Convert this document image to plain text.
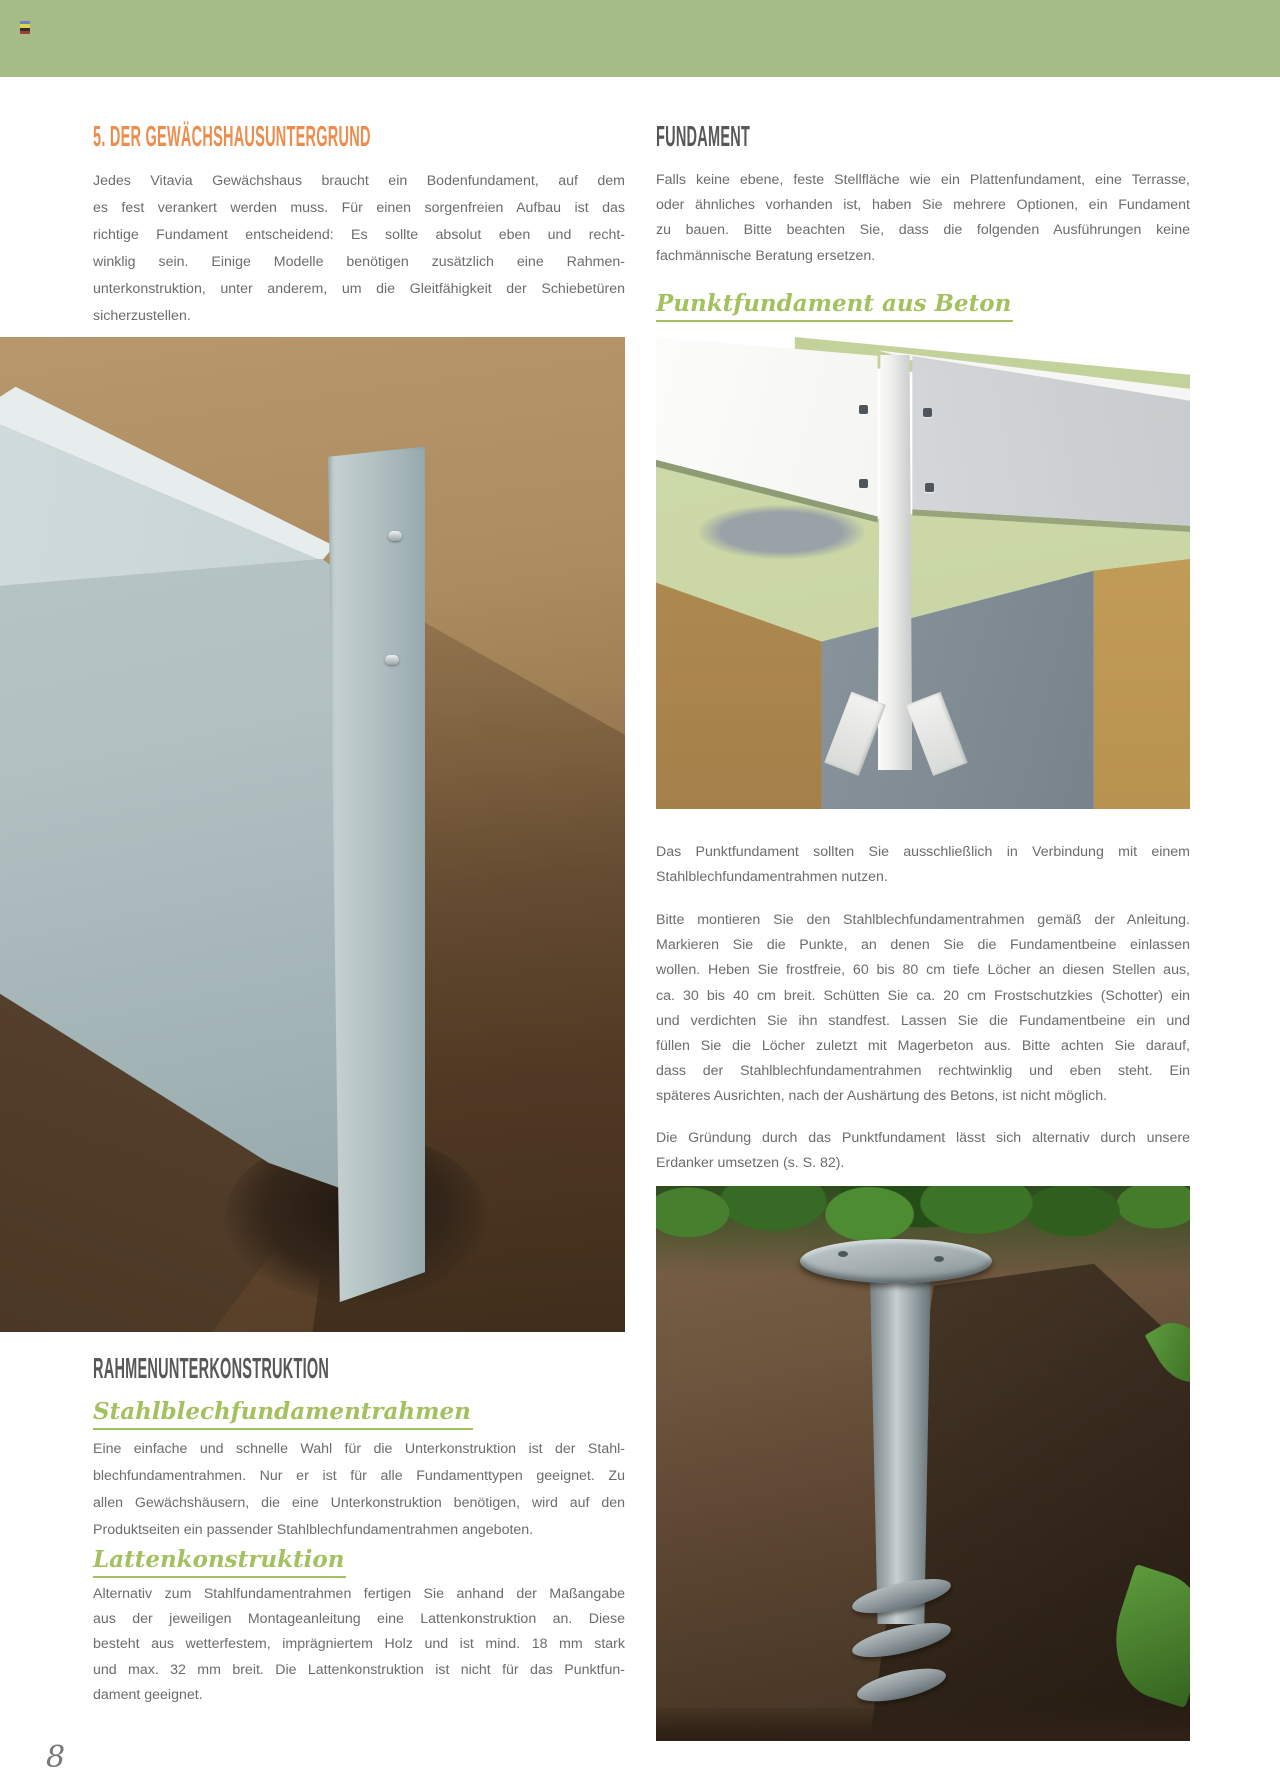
5. DER GEWÄCHSHAUSUNTERGRUND
Jedes Vitavia Gewächshaus braucht ein Bodenfundament, auf dem
es fest verankert werden muss. Für einen sorgenfreien Aufbau ist das
richtige Fundament entscheidend: Es sollte absolut eben und recht-
winklig sein. Einige Modelle benötigen zusätzlich eine Rahmen-
unterkonstruktion, unter anderem, um die Gleitfähigkeit der Schiebetüren
sicherzustellen.
RAHMENUNTERKONSTRUKTION
Stahlblechfundamentrahmen
Eine einfache und schnelle Wahl für die Unterkonstruktion ist der Stahl-
blechfundamentrahmen. Nur er ist für alle Fundamenttypen geeignet. Zu
allen Gewächshäusern, die eine Unterkonstruktion benötigen, wird auf den
Produktseiten ein passender Stahlblechfundamentrahmen angeboten.
Lattenkonstruktion
Alternativ zum Stahlfundamentrahmen fertigen Sie anhand der Maßangabe
aus der jeweiligen Montageanleitung eine Lattenkonstruktion an. Diese
besteht aus wetterfestem, imprägniertem Holz und ist mind. 18 mm stark
und max. 32 mm breit. Die Lattenkonstruktion ist nicht für das Punktfun-
dament geeignet.
8
FUNDAMENT
Falls keine ebene, feste Stellfläche wie ein Plattenfundament, eine Terrasse,
oder ähnliches vorhanden ist, haben Sie mehrere Optionen, ein Fundament
zu bauen. Bitte beachten Sie, dass die folgenden Ausführungen keine
fachmännische Beratung ersetzen.
Punktfundament aus Beton
Das Punktfundament sollten Sie ausschließlich in Verbindung mit einem
Stahlblechfundamentrahmen nutzen.
Bitte montieren Sie den Stahlblechfundamentrahmen gemäß der Anleitung.
Markieren Sie die Punkte, an denen Sie die Fundamentbeine einlassen
wollen. Heben Sie frostfreie, 60 bis 80 cm tiefe Löcher an diesen Stellen aus,
ca. 30 bis 40 cm breit. Schütten Sie ca. 20 cm Frostschutzkies (Schotter) ein
und verdichten Sie ihn standfest. Lassen Sie die Fundamentbeine ein und
füllen Sie die Löcher zuletzt mit Magerbeton aus. Bitte achten Sie darauf,
dass der Stahlblechfundamentrahmen rechtwinklig und eben steht. Ein
späteres Ausrichten, nach der Aushärtung des Betons, ist nicht möglich.
Die Gründung durch das Punktfundament lässt sich alternativ durch unsere
Erdanker umsetzen (s. S. 82).
